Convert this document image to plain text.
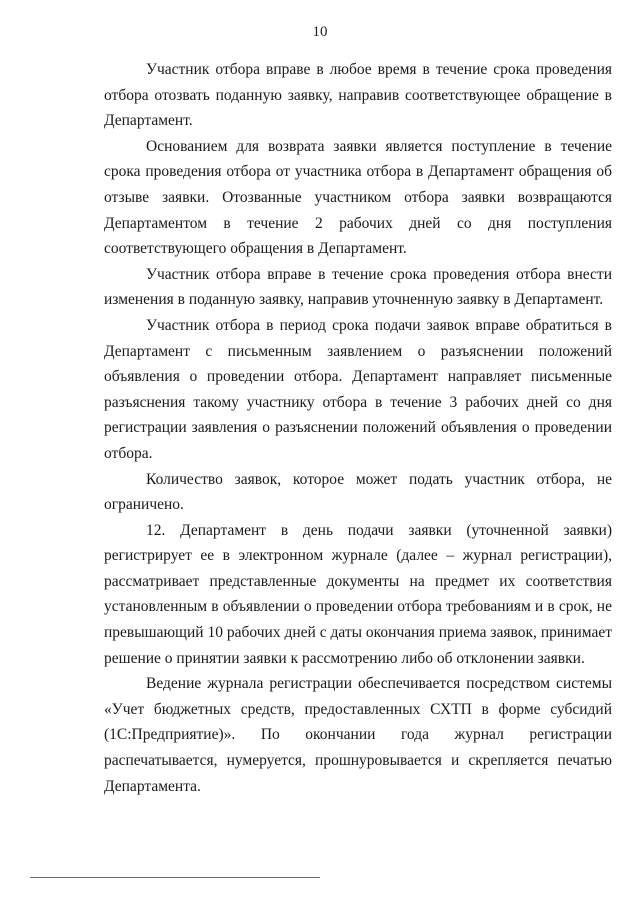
10

Участник отбора вправе в любое время в течение срока проведения отбора отозвать поданную заявку, направив соответствующее обращение в Департамент.

Основанием для возврата заявки является поступление в течение срока проведения отбора от участника отбора в Департамент обращения об отзыве заявки. Отозванные участником отбора заявки возвращаются Департаментом в течение 2 рабочих дней со дня поступления соответствующего обращения в Департамент.

Участник отбора вправе в течение срока проведения отбора внести изменения в поданную заявку, направив уточненную заявку в Департамент.

Участник отбора в период срока подачи заявок вправе обратиться в Департамент с письменным заявлением о разъяснении положений объявления о проведении отбора. Департамент направляет письменные разъяснения такому участнику отбора в течение 3 рабочих дней со дня регистрации заявления о разъяснении положений объявления о проведении отбора.

Количество заявок, которое может подать участник отбора, не ограничено.

12. Департамент в день подачи заявки (уточненной заявки) регистрирует ее в электронном журнале (далее – журнал регистрации), рассматривает представленные документы на предмет их соответствия установленным в объявлении о проведении отбора требованиям и в срок, не превышающий 10 рабочих дней с даты окончания приема заявок, принимает решение о принятии заявки к рассмотрению либо об отклонении заявки.

Ведение журнала регистрации обеспечивается посредством системы «Учет бюджетных средств, предоставленных СХТП в форме субсидий (1С:Предприятие)». По окончании года журнал регистрации распечатывается, нумеруется, прошнуровывается и скрепляется печатью Департамента.
